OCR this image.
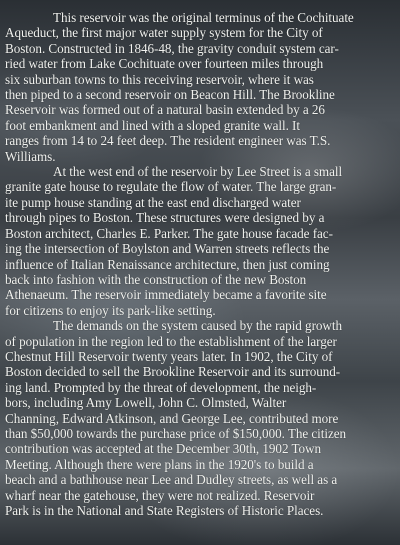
This reservoir was the original terminus of the Cochituate
Aqueduct, the first major water supply system for the City of
Boston. Constructed in 1846-48, the gravity conduit system car-
ried water from Lake Cochituate over fourteen miles through
six suburban towns to this receiving reservoir, where it was
then piped to a second reservoir on Beacon Hill. The Brookline
Reservoir was formed out of a natural basin extended by a 26
foot embankment and lined with a sloped granite wall. It
ranges from 14 to 24 feet deep. The resident engineer was T.S.
Williams.

At the west end of the reservoir by Lee Street is a small
granite gate house to regulate the flow of water. The large gran-
ite pump house standing at the east end discharged water
through pipes to Boston. These structures were designed by a
Boston architect, Charles E. Parker. The gate house facade fac-
ing the intersection of Boylston and Warren streets reflects the
influence of Italian Renaissance architecture, then just coming
back into fashion with the construction of the new Boston
Athenaeum. The reservoir immediately became a favorite site
for citizens to enjoy its park-like setting.

The demands on the system caused by the rapid growth
of population in the region led to the establishment of the larger
Chestnut Hill Reservoir twenty years later. In 1902, the City of
Boston decided to sell the Brookline Reservoir and its surround-
ing land. Prompted by the threat of development, the neigh-
bors, including Amy Lowell, John C. Olmsted, Walter
Channing, Edward Atkinson, and George Lee, contributed more
than $50,000 towards the purchase price of $150,000. The citizen
contribution was accepted at the December 30th, 1902 Town
Meeting. Although there were plans in the 1920's to build a
beach and a bathhouse near Lee and Dudley streets, as well as a
wharf near the gatehouse, they were not realized. Reservoir
Park is in the National and State Registers of Historic Places.
